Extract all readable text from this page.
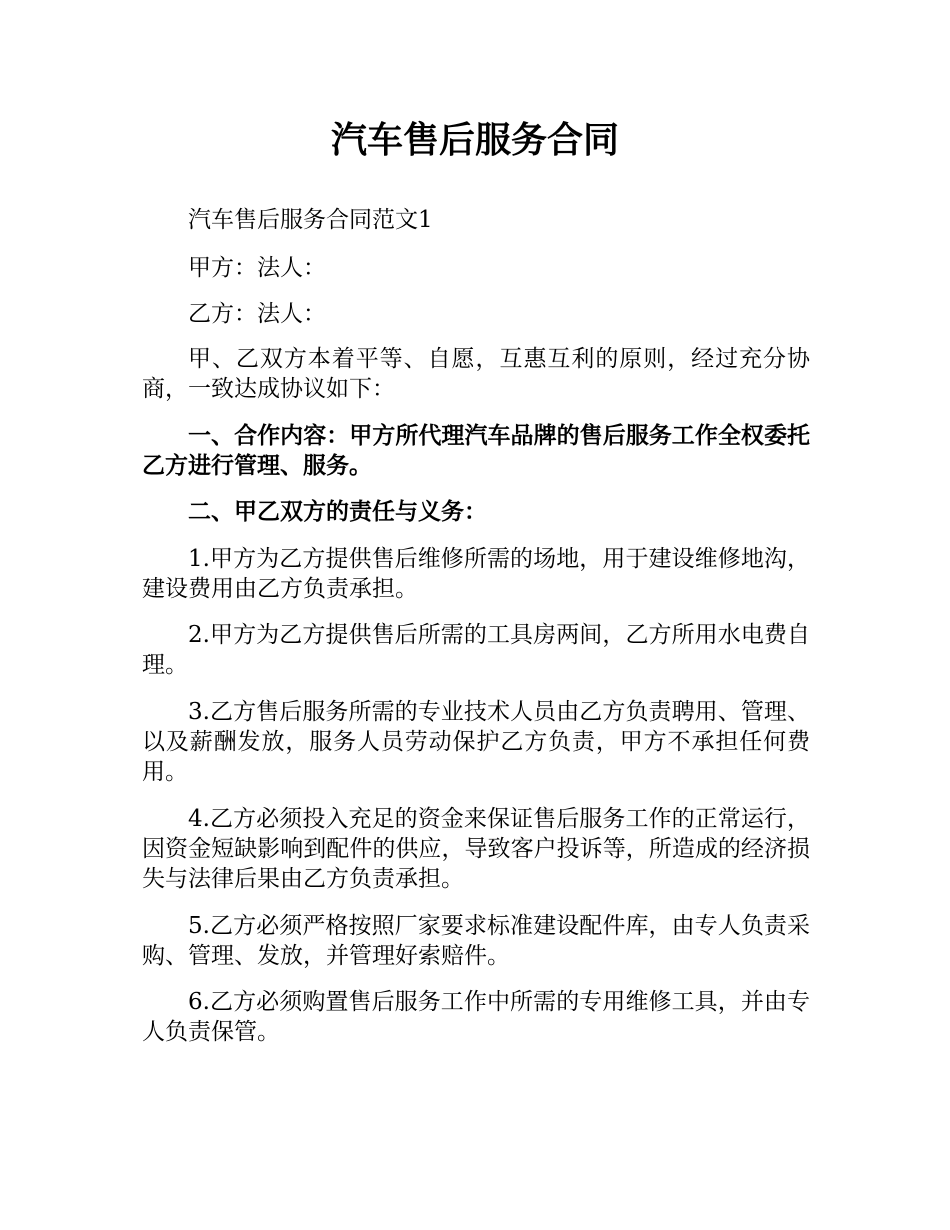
汽车售后服务合同

汽车售后服务合同范文1

甲方：法人：

乙方：法人：

甲、乙双方本着平等、自愿，互惠互利的原则，经过充分协商，一致达成协议如下：

一、合作内容：甲方所代理汽车品牌的售后服务工作全权委托乙方进行管理、服务。

二、甲乙双方的责任与义务：

1.甲方为乙方提供售后维修所需的场地，用于建设维修地沟，建设费用由乙方负责承担。

2.甲方为乙方提供售后所需的工具房两间，乙方所用水电费自理。

3.乙方售后服务所需的专业技术人员由乙方负责聘用、管理、以及薪酬发放，服务人员劳动保护乙方负责，甲方不承担任何费用。

4.乙方必须投入充足的资金来保证售后服务工作的正常运行，因资金短缺影响到配件的供应，导致客户投诉等，所造成的经济损失与法律后果由乙方负责承担。

5.乙方必须严格按照厂家要求标准建设配件库，由专人负责采购、管理、发放，并管理好索赔件。

6.乙方必须购置售后服务工作中所需的专用维修工具，并由专人负责保管。
